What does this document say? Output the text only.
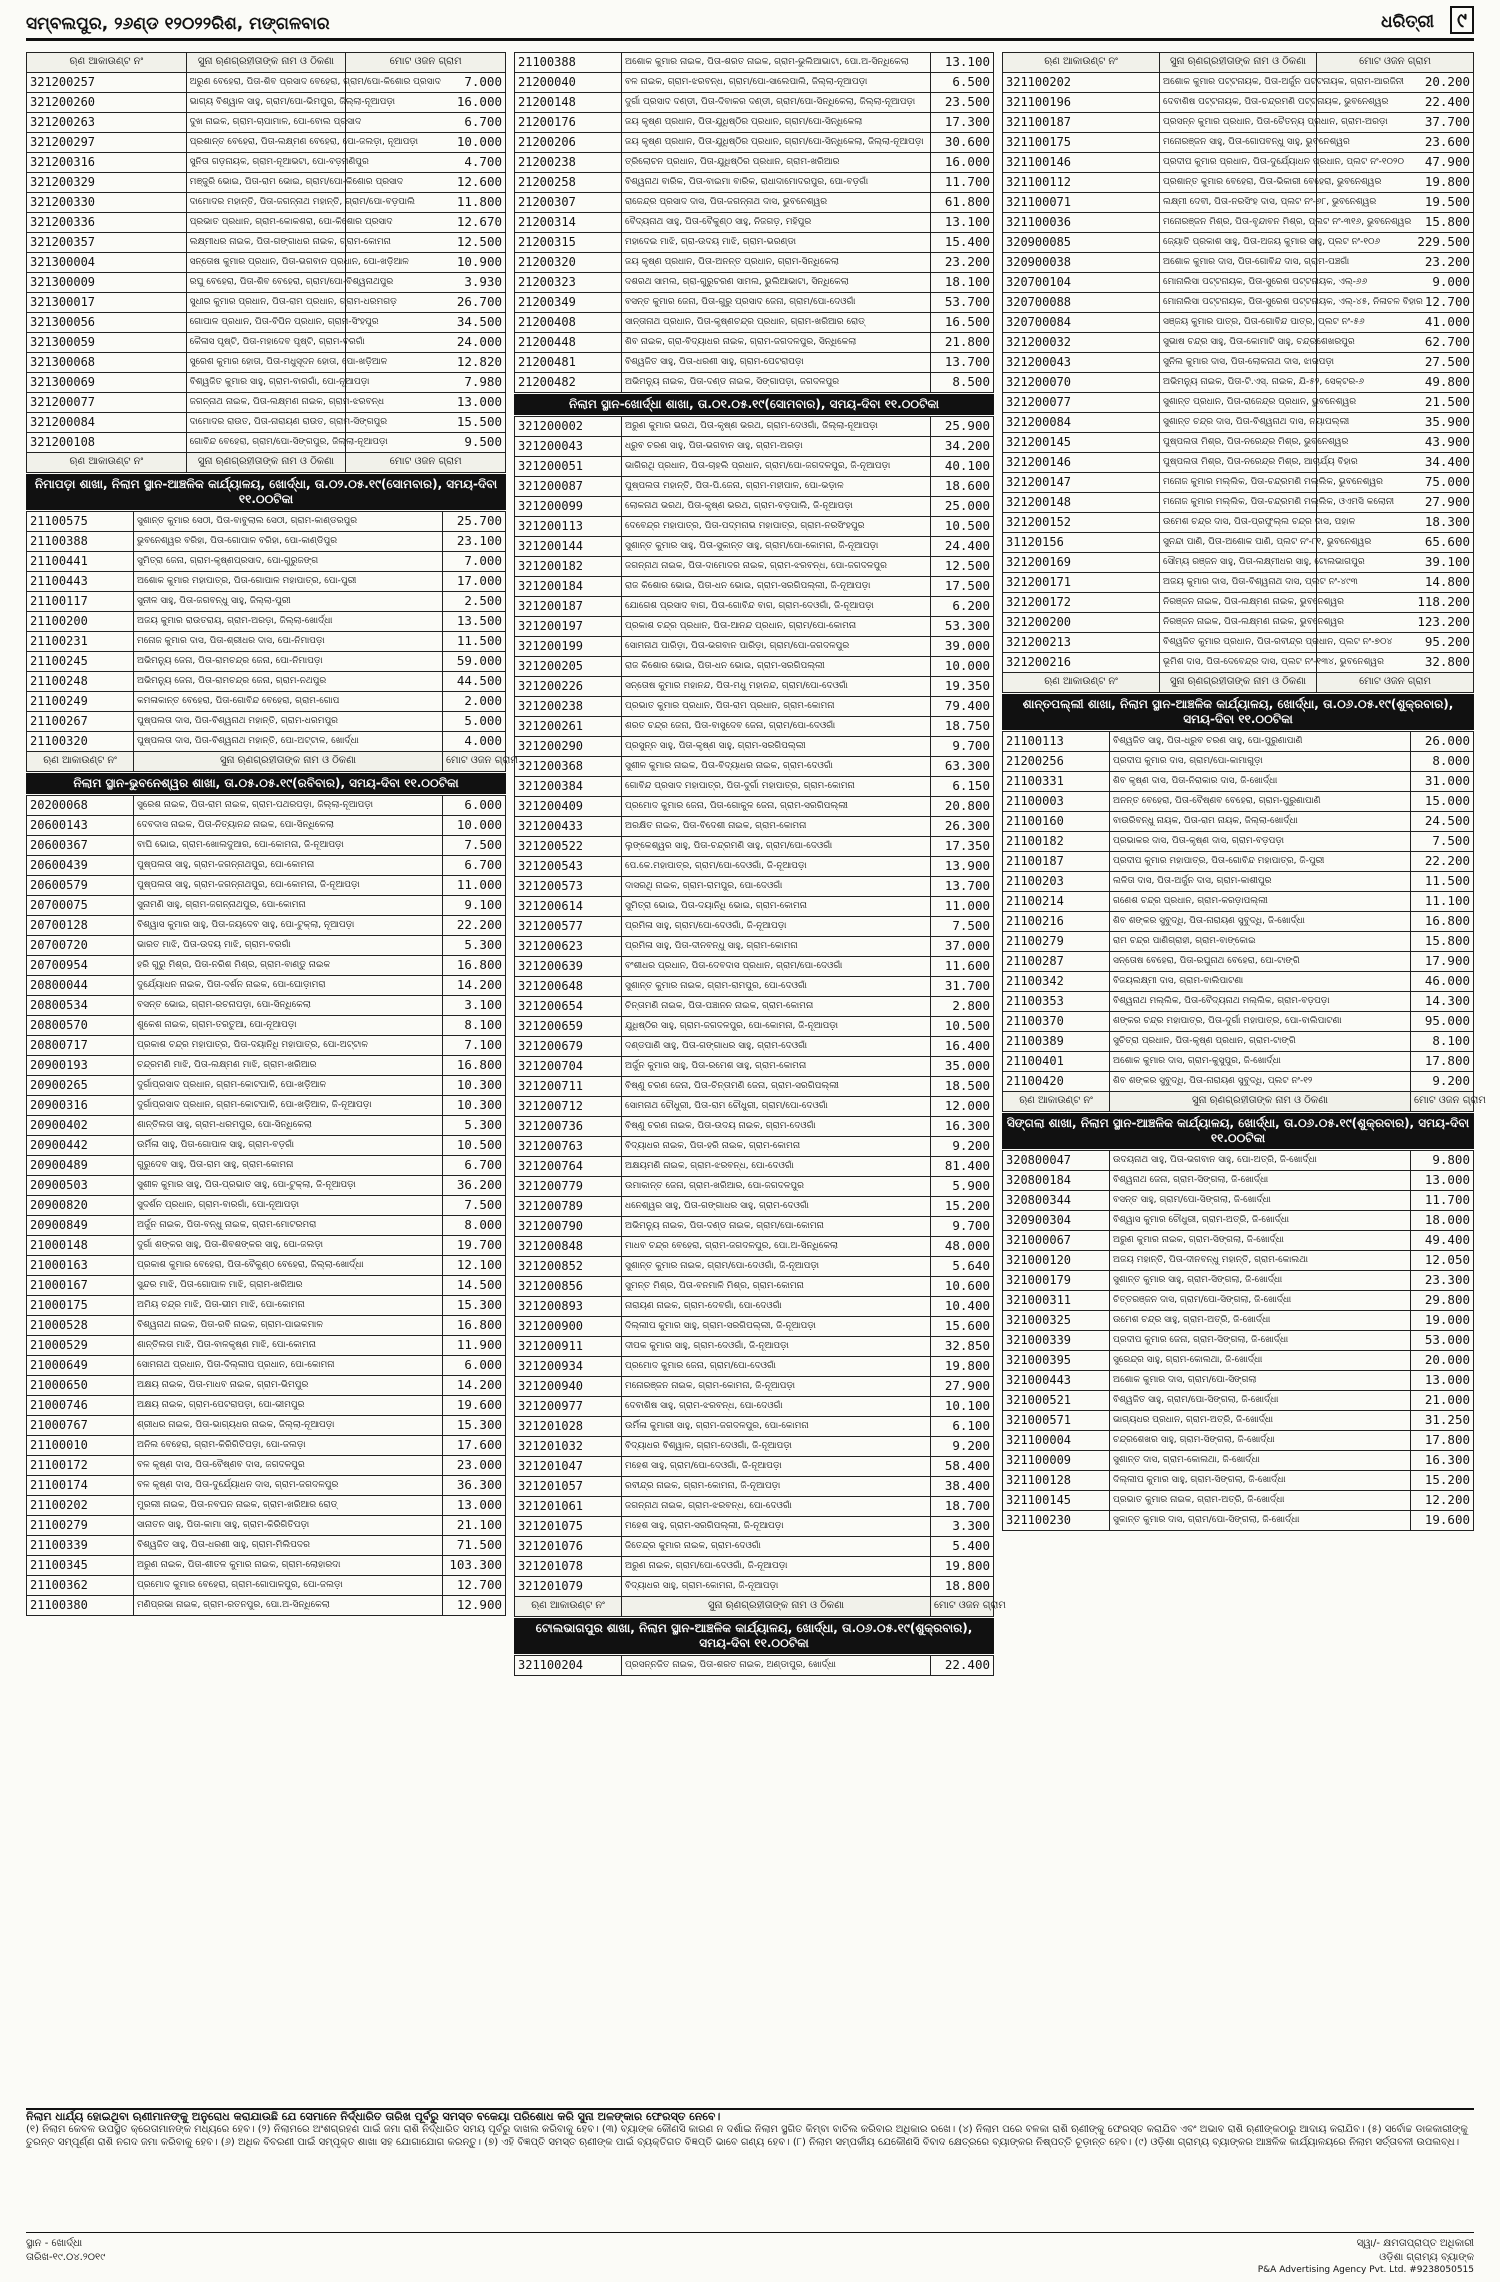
ସମ୍ବଲପୁର, ୨୬ଣ୍ଡ ୧୨୦୨୨ରିଶ, ମଙ୍ଗଳବାର	ଧରିତ୍ରୀ ୯
ଋଣ ଆକାଉଣ୍ଟ ନଂ	ସୁନା ଋଣଗ୍ରହୀତାଙ୍କ ନାମ ଓ ଠିକଣା	ମୋଟ ଓଜନ ଗ୍ରାମ
321200257	ଅରୁଣ ବେହେରା, ପିତା-ଶିବ ପ୍ରସାଦ ବେହେରା, ଗ୍ରାମ/ପୋ-କିଶୋର ପ୍ରସାଦ	7.000
321200260	ଭାଗ୍ୟ ବିଶ୍ୱାଳ ସାହୁ, ଗ୍ରାମ/ପୋ-ଭିମପୁର, ଜିଲ୍ଲା-ନୂଆପଡ଼ା	16.000
321200263	ଦୁଖ ନାଇକ, ଗ୍ରାମ-ଚାପାମାଳ, ପୋ-ବୋଲ ପ୍ରସାଦ	6.700
321200297	ପ୍ରଶାନ୍ତ ବେହେରା, ପିତା-ଲକ୍ଷ୍ମଣ ବେହେରା, ପୋ-ଜଲଡ଼ା, ନୂଆପଡ଼ା	10.000
321200316	ସୁନିତା ଗଡ଼ନାୟକ, ଗ୍ରାମ-ନୂଆଭଟା, ପୋ-ବଡ଼ମଣିପୁର	4.700
321200329	ମଞ୍ଜୁରି ଭୋଇ, ପିତା-ରାମ ଭୋଇ, ଗ୍ରାମ/ପୋ-କିଶୋର ପ୍ରସାଦ	12.600
321200330	ଦାମୋଦର ମହାନ୍ତି, ପିତା-ଜଗନ୍ନାଥ ମହାନ୍ତି, ଗ୍ରାମ/ପୋ-ବଡ଼ପାଲି	11.800
321200336	ପ୍ରଭାତ ପ୍ରଧାନ, ଗ୍ରାମ-କୋକଶରା, ପୋ-କିଶୋର ପ୍ରସାଦ	12.670
321200357	ଲକ୍ଷ୍ମୀଧର ନାଇକ, ପିତା-ଗଙ୍ଗାଧର ନାଇକ, ଗ୍ରାମ-କୋମନା	12.500
321300004	ସନ୍ତୋଷ କୁମାର ପ୍ରଧାନ, ପିତା-ଭଗବାନ ପ୍ରଧାନ, ପୋ-ଖଡ଼ିଆଳ	10.900
321300009	ରଘୁ ବେହେରା, ପିତା-ଶିବ ବେହେରା, ଗ୍ରାମ/ପୋ-ବିଶ୍ୱନାଥପୁର	3.930
321300017	ସୁଧୀର କୁମାର ପ୍ରଧାନ, ପିତା-ରାମ ପ୍ରଧାନ, ଗ୍ରାମ-ଧରମଗଡ଼	26.700
321300056	ଗୋପାଳ ପ୍ରଧାନ, ପିତା-ବିପିନ ପ୍ରଧାନ, ଗ୍ରାମ-ସିଂହପୁର	34.500
321300059	କୈଳାସ ପୃଷ୍ଟି, ପିତା-ମହାଦେବ ପୃଷ୍ଟି, ଗ୍ରାମ-ବରଗାଁ	24.000
321300068	ସୁରେଶ କୁମାର ହୋତା, ପିତା-ମଧୁସୂଦନ ହୋତା, ପୋ-ଖଡ଼ିଆଳ	12.820
321300069	ବିଶ୍ୱଜିତ କୁମାର ସାହୁ, ଗ୍ରାମ-ବାରଗାଁ, ପୋ-ନୂଆପଡ଼ା	7.980
321200077	ଜଗନ୍ନାଥ ନାଇକ, ପିତା-ଲକ୍ଷ୍ମଣ ନାଇକ, ଗ୍ରାମ-ଝରବନ୍ଧ	13.000
321200084	ଦାମୋଦର ରାଉତ, ପିତା-ନାରାୟଣ ରାଉତ, ଗ୍ରାମ-ସିଙ୍ଗପୁର	15.500
321200108	ଗୋବିନ୍ଦ ବେହେରା, ଗ୍ରାମ/ପୋ-ସିଙ୍ଗପୁର, ଜିଲ୍ଲା-ନୂଆପଡ଼ା	9.500
ଋଣ ଆକାଉଣ୍ଟ ନଂ	ସୁନା ଋଣଗ୍ରହୀତାଙ୍କ ନାମ ଓ ଠିକଣା	ମୋଟ ଓଜନ ଗ୍ରାମ
ନିମାପଡ଼ା ଶାଖା, ନିଲାମ ସ୍ଥାନ-ଆଞ୍ଚଳିକ କାର୍ଯ୍ୟାଳୟ, ଖୋର୍ଦ୍ଧା, ତା.୦୨.୦୫.୧୯(ସୋମବାର), ସମୟ-ଦିବା ୧୧.୦୦ଟିକା
21100575	ସୁଶାନ୍ତ କୁମାର ସେଠୀ, ପିତା-ବାବୁଲାଲ ସେଠୀ, ଗ୍ରାମ-କାଣ୍ଡରପୁର	25.700
21100388	ଭୁବନେଶ୍ୱର ବରିହା, ପିତା-ଗୋପାଳ ବରିହା, ପୋ-କାଣ୍ଡିପୁର	23.100
21100441	ସୁମିତ୍ରା ଜେନା, ଗ୍ରାମ-କୃଷ୍ଣପ୍ରସାଦ, ପୋ-ଗୁରୁଜଙ୍ଗ	7.000
21100443	ଅଶୋକ କୁମାର ମହାପାତ୍ର, ପିତା-ଗୋପାଳ ମହାପାତ୍ର, ପୋ-ପୁରୀ	17.000
21100117	ସୁନୀଳ ସାହୁ, ପିତା-ଜଗବନ୍ଧୁ ସାହୁ, ଜିଲ୍ଲା-ପୁରୀ	2.500
21100200	ଅଜୟ କୁମାର ରାଉତରାୟ, ଗ୍ରାମ-ଅରଡ଼ା, ଜିଲ୍ଲା-ଖୋର୍ଦ୍ଧା	13.500
21100231	ମନୋଜ କୁମାର ଦାସ, ପିତା-ଶ୍ରୀଧର ଦାସ, ପୋ-ନିମାପଡ଼ା	11.500
21100245	ଅଭିମନ୍ୟୁ ଜେନା, ପିତା-ରାମଚନ୍ଦ୍ର ଜେନା, ପୋ-ନିମାପଡ଼ା	59.000
21100248	ଅଭିମନ୍ୟୁ ଜେନା, ପିତା-ରାମଚନ୍ଦ୍ର ଜେନା, ଗ୍ରାମ-ନଥପୁର	44.500
21100249	କମଳାକାନ୍ତ ବେହେରା, ପିତା-ଗୋବିନ୍ଦ ବେହେରା, ଗ୍ରାମ-ଗୋପ	2.000
21100267	ପୁଷ୍ପଲତା ଦାସ, ପିତା-ବିଶ୍ୱନାଥ ମହାନ୍ତି, ଗ୍ରାମ-ଧରମପୁର	5.000
21100320	ପୁଷ୍ପଲତା ଦାସ, ପିତା-ବିଶ୍ୱନାଥ ମହାନ୍ତି, ପୋ-ଅଟ୍ଟାଳ, ଖୋର୍ଦ୍ଧା	4.000
ଋଣ ଆକାଉଣ୍ଟ ନଂ	ସୁନା ଋଣଗ୍ରହୀତାଙ୍କ ନାମ ଓ ଠିକଣା	ମୋଟ ଓଜନ ଗ୍ରାମ
ନିଲାମ ସ୍ଥାନ-ଭୁବନେଶ୍ୱର ଶାଖା, ତା.୦୫.୦୫.୧୯(ରବିବାର), ସମୟ-ଦିବା ୧୧.୦୦ଟିକା
20200068	ସୁରେଶ ନାଇକ, ପିତା-ରାମ ନାଇକ, ଗ୍ରାମ-ପଥରପଡ଼ା, ଜିଲ୍ଲା-ନୂଆପଡ଼ା	6.000
20600143	ଦେବଦାସ ନାଇକ, ପିତା-ନିତ୍ୟାନନ୍ଦ ନାଇକ, ପୋ-ସିନ୍ଧିକେଲା	10.000
20600367	ବାଘି ଭୋଇ, ଗ୍ରାମ-ଖୋଲଦୁଆର, ପୋ-କୋମନା, ଜି-ନୂଆପଡ଼ା	7.500
20600439	ପୁଷ୍ପଲତା ସାହୁ, ଗ୍ରାମ-ଜଗନ୍ନାଥପୁର, ପୋ-କୋମନା	6.700
20600579	ପୁଷ୍ପଲତା ସାହୁ, ଗ୍ରାମ-ଜଗନ୍ନାଥପୁର, ପୋ-କୋମନା, ଜି-ନୂଆପଡ଼ା	11.000
20700075	ସୁନାମଣି ସାହୁ, ଗ୍ରାମ-ଜଗନ୍ନାଥପୁର, ପୋ-କୋମନା	9.100
20700128	ବିଶ୍ୱାସ କୁମାର ସାହୁ, ପିତା-ଜୟଦେବ ସାହୁ, ପୋ-ଟୁକ୍ଲା, ନୂଆପଡ଼ା	22.200
20700720	ଭାରତ ମାଝି, ପିତା-ଉଦୟ ମାଝି, ଗ୍ରାମ-ବରଗାଁ	5.300
20700954	ହରି ଗୁରୁ ମିଶ୍ର, ପିତା-ନରିଶ ମିଶ୍ର, ଗ୍ରାମ-ବାଣ୍ଡୁ ନାଇକ	16.800
20800044	ଦୁର୍ଯ୍ୟୋଧନ ନାଇକ, ପିତା-ଦର୍ଶନ ନାଇକ, ପୋ-ଘୋଡ଼ାମରା	14.200
20800534	ବସନ୍ତ ଭୋଇ, ଗ୍ରାମ-ରଚନାପଡ଼ା, ପୋ-ସିନ୍ଧିକେଲା	3.100
20800570	ଶୁକେଶ ନାଇକ, ଗ୍ରାମ-ତରତୁଆ, ପୋ-ନୂଆପଡ଼ା	8.100
20800717	ପ୍ରକାଶ ଚନ୍ଦ୍ର ମହାପାତ୍ର, ପିତା-ଦୟାନିଧି ମହାପାତ୍ର, ପୋ-ଅଟ୍ଟାଳ	7.100
20900193	ଚନ୍ଦ୍ରମଣି ମାଝି, ପିତା-ଲକ୍ଷ୍ମଣ ମାଝି, ଗ୍ରାମ-ଖରିଆର	16.800
20900265	ଦୁର୍ଗାପ୍ରସାଦ ପ୍ରଧାନ, ଗ୍ରାମ-କୋଟପାଳି, ପୋ-ଖଡ଼ିଆଳ	10.300
20900316	ଦୁର୍ଗାପ୍ରସାଦ ପ୍ରଧାନ, ଗ୍ରାମ-କୋଟପାଳି, ପୋ-ଖଡ଼ିଆଳ, ଜି-ନୂଆପଡ଼ା	10.300
20900402	ଶାନ୍ତିଲତା ସାହୁ, ଗ୍ରାମ-ଧରମପୁର, ପୋ-ସିନ୍ଧିକେଲା	5.300
20900442	ଉର୍ମିଳା ସାହୁ, ପିତା-ଗୋପାଳ ସାହୁ, ଗ୍ରାମ-ବଡ଼ଗାଁ	10.500
20900489	ଗୁରୁଦେବ ସାହୁ, ପିତା-ରାମ ସାହୁ, ଗ୍ରାମ-କୋମନା	6.700
20900503	ସୁଶୀଳ କୁମାର ସାହୁ, ପିତା-ପ୍ରଭାତ ସାହୁ, ପୋ-ଟୁକ୍ଲା, ଜି-ନୂଆପଡ଼ା	36.200
20900820	ସୁଦର୍ଶନ ପ୍ରଧାନ, ଗ୍ରାମ-ବାରଗାଁ, ପୋ-ନୂଆପଡ଼ା	7.500
20900849	ଅର୍ଜୁନ ନାଇକ, ପିତା-ବନ୍ଧୁ ନାଇକ, ଗ୍ରାମ-ମୋଟରମରା	8.000
21000148	ଦୁର୍ଗା ଶଙ୍କର ସାହୁ, ପିତା-ଶିବଶଙ୍କର ସାହୁ, ପୋ-ଜଲଡ଼ା	19.700
21000163	ପ୍ରକାଶ କୁମାର ବେହେରା, ପିତା-ବୈକୁଣ୍ଠ ବେହେରା, ଜିଲ୍ଲା-ଖୋର୍ଦ୍ଧା	12.100
21000167	ସୁନ୍ଦର ମାଝି, ପିତା-ଗୋପାଳ ମାଝି, ଗ୍ରାମ-ଖରିଆର	14.500
21000175	ଅମିୟ ଚନ୍ଦ୍ର ମାଝି, ପିତା-ଭୀମ ମାଝି, ପୋ-କୋମନା	15.300
21000528	ବିଶ୍ୱନାଥ ନାଇକ, ପିତା-ରବି ନାଇକ, ଗ୍ରାମ-ପାଇକମାଳ	16.800
21000529	ଶାନ୍ତିଲତା ମାଝି, ପିତା-ବାଳକୃଷ୍ଣ ମାଝି, ପୋ-କୋମନା	11.900
21000649	ସୋମନାଥ ପ୍ରଧାନ, ପିତା-ଦିଲ୍ଲୀପ ପ୍ରଧାନ, ପୋ-କୋମନା	6.000
21000650	ଅକ୍ଷୟ ନାଇକ, ପିତା-ମାଧବ ନାଇକ, ଗ୍ରାମ-ଭିମପୁର	14.200
21000746	ଅକ୍ଷୟ ନାଇକ, ଗ୍ରାମ-ପେଟରାପଡ଼ା, ପୋ-ଭୀମପୁର	19.600
21000767	ଶ୍ରୀଧର ନାଇକ, ପିତା-ଭାଗ୍ୟଧର ନାଇକ, ଜିଲ୍ଲା-ନୂଆପଡ଼ା	15.300
21100010	ଅନିଲ ବେହେରା, ଗ୍ରାମ-କିରିଗିତିପଡ଼ା, ପୋ-ଜଲଡ଼ା	17.600
21100172	ବଳ କୃଷ୍ଣ ଦାସ, ପିତା-ବୈଷ୍ଣବ ଦାସ, ଜଗଦଳପୁର	23.000
21100174	ବଳ କୃଷ୍ଣ ଦାସ, ପିତା-ଦୁର୍ଯ୍ୟୋଧନ ଦାସ, ଗ୍ରାମ-ଜଗଦଳପୁର	36.300
21100202	ମୁରଲୀ ନାଇକ, ପିତା-ନବଘନ ନାଇକ, ଗ୍ରାମ-ଖରିଆର ରୋଡ୍	13.000
21100279	ସାନାତନ ସାହୁ, ପିତା-କାମା ସାହୁ, ଗ୍ରାମ-କିରିଗିତିପଡ଼ା	21.100
21100339	ବିଶ୍ୱଜିତ ସାହୁ, ପିତା-ଧରଣୀ ସାହୁ, ଗ୍ରାମ-ମିଲିପଦର	71.500
21100345	ଅରୁଣ ନାଇକ, ପିତା-ଶୀତଳ କୁମାର ନାଇକ, ଗ୍ରାମ-ଲୋହାରଦା	103.300
21100362	ପ୍ରମୋଦ କୁମାର ବେହେରା, ଗ୍ରାମ-ଗୋପାଳପୁର, ପୋ-ଜଲଡ଼ା	12.700
21100380	ମଣିପ୍ରଭା ନାଇକ, ଗ୍ରାମ-ରତନପୁର, ପୋ.ଅ-ସିନ୍ଧିକେଲା	12.900
21100388	ଅଶୋକ କୁମାର ନାଇକ, ପିତା-ଶରତ ନାଇକ, ଗ୍ରାମ-ଭୁଲିଆଭାଟା, ପୋ.ଅ-ସିନ୍ଧିକେଲା	13.100
21200040	ବଳ ନାଇକ, ଗ୍ରାମ-ଝରବନ୍ଧ, ଗ୍ରାମ/ପୋ-ସାଲେପାଲି, ଜିଲ୍ଲା-ନୂଆପଡ଼ା	6.500
21200148	ଦୁର୍ଗା ପ୍ରସାଦ ଦଣ୍ଡୀ, ପିତା-ଦିବାକର ଦଣ୍ଡୀ, ଗ୍ରାମ/ପୋ-ସିନ୍ଧିକେଲା, ଜିଲ୍ଲା-ନୂଆପଡ଼ା	23.500
21200176	ଜୟ କୃଷ୍ଣ ପ୍ରଧାନ, ପିତା-ଯୁଧିଷ୍ଠିର ପ୍ରଧାନ, ଗ୍ରାମ/ପୋ-ସିନ୍ଧିକେଲା	17.300
21200206	ଜୟ କୃଷ୍ଣ ପ୍ରଧାନ, ପିତା-ଯୁଧିଷ୍ଠିର ପ୍ରଧାନ, ଗ୍ରାମ/ପୋ-ସିନ୍ଧିକେଲା, ଜିଲ୍ଲା-ନୂଆପଡ଼ା	30.600
21200238	ତ୍ରିଲୋଚନ ପ୍ରଧାନ, ପିତା-ଯୁଧିଷ୍ଠିର ପ୍ରଧାନ, ଗ୍ରାମ-ଖରିଆର	16.000
21200258	ବିଶ୍ୱନାଥ ବାରିକ, ପିତା-ବାଇମା ବାରିକ, ରାଧାଦାମୋଦରପୁର, ପୋ-ବଡ଼ଗାଁ	11.700
21200307	ରାଜେନ୍ଦ୍ର ପ୍ରସାଦ ଦାସ, ପିତା-ଜଗନ୍ନାଥ ଦାସ, ଭୁବନେଶ୍ୱର	61.800
21200314	ବୈଦ୍ୟନାଥ ସାହୁ, ପିତା-ବୈକୁଣ୍ଠ ସାହୁ, ନିଜଗଡ଼, ମହିପୁର	13.100
21200315	ମହାଦେଇ ମାଝି, ଗ୍ରା-ଉଦୟ ମାଝି, ଗ୍ରାମ-ଭରଣ୍ଡା	15.400
21200320	ଜୟ କୃଷ୍ଣ ପ୍ରଧାନ, ପିତା-ଅନନ୍ତ ପ୍ରଧାନ, ଗ୍ରାମ-ସିନ୍ଧିକେଲା	23.200
21200323	ଦଶରଥ ସାମଲ, ଗ୍ରା-ଗୁରୁଚରଣ ସାମଲ, ଭୁଲିଆଭାଟା, ସିନ୍ଧିକେଲା	18.100
21200349	ବସନ୍ତ କୁମାର ଜେନା, ପିତା-ଗୁରୁ ପ୍ରସାଦ ଜେନା, ଗ୍ରାମ/ପୋ-ଦେଓଗାଁ	53.700
21200408	ସାନ୍ତାନାଥ ପ୍ରଧାନ, ପିତା-କୃଷ୍ଣଚନ୍ଦ୍ର ପ୍ରଧାନ, ଗ୍ରାମ-ଖରିଆର ରୋଡ୍	16.500
21200448	ଶିବ ନାଇକ, ଗ୍ରା-ବିଦ୍ୟାଧର ନାଇକ, ଗ୍ରାମ-ଜଗଦଳପୁର, ସିନ୍ଧିକେଲା	21.800
21200481	ବିଶ୍ୱଜିତ ସାହୁ, ପିତା-ଧରଣୀ ସାହୁ, ଗ୍ରାମ-ପେଟରାପଡ଼ା	13.700
21200482	ଅଭିମନ୍ୟୁ ନାଇକ, ପିତା-ଦଣ୍ଡ ନାଇକ, ସିଙ୍ଗାପଡ଼ା, ଜଗଦଳପୁର	8.500
ନିଲାମ ସ୍ଥାନ-ଖୋର୍ଦ୍ଧା ଶାଖା, ତା.୦୧.୦୫.୧୯(ସୋମବାର), ସମୟ-ଦିବା ୧୧.୦୦ଟିକା
321200002	ଅରୁଣ କୁମାର ଭରଥ, ପିତା-କୃଷ୍ଣ ଭରଥ, ଗ୍ରାମ-ଦେଓଗାଁ, ଜିଲ୍ଲା-ନୂଆପଡ଼ା	25.900
321200043	ଧ୍ରୁବ ଚରଣ ସାହୁ, ପିତା-ଭଗବାନ ସାହୁ, ଗ୍ରାମ-ଅରଡ଼ା	34.200
321200051	ଭାଗିରଥି ପ୍ରଧାନ, ପିତା-ଚାହଲି ପ୍ରଧାନ, ଗ୍ରାମ/ପୋ-ଜଗଦଳପୁର, ଜି-ନୂଆପଡ଼ା	40.100
321200087	ପୁଷ୍ପଲତା ମହାନ୍ତି, ପିତା-ପି.ଜେନା, ଗ୍ରାମ-ମହୀପାଳ, ପୋ-ଭଡ଼ାଳ	18.600
321200099	ଲୋକନାଥ ଭରଥ, ପିତା-କୃଷ୍ଣ ଭରଥ, ଗ୍ରାମ-ବଡ଼ପାଲି, ଜି-ନୂଆପଡ଼ା	25.000
321200113	ଦେବେନ୍ଦ୍ର ମହାପାତ୍ର, ପିତା-ପଦ୍ମନାଭ ମହାପାତ୍ର, ଗ୍ରାମ-ନରସିଂହପୁର	10.500
321200144	ସୁଶାନ୍ତ କୁମାର ସାହୁ, ପିତା-ସୁକାନ୍ତ ସାହୁ, ଗ୍ରାମ/ପୋ-କୋମନା, ଜି-ନୂଆପଡ଼ା	24.400
321200182	ଜଗନ୍ନାଥ ନାଇକ, ପିତା-ଦାମୋଦର ନାଇକ, ଗ୍ରାମ-ଝରବନ୍ଧ, ପୋ-ଜଗଦଳପୁର	12.500
321200184	ରାଜ କିଶୋର ଭୋଇ, ପିତା-ଧନ ଭୋଇ, ଗ୍ରାମ-ସରଗିପଲ୍ଲୀ, ଜି-ନୂଆପଡ଼ା	17.500
321200187	ଯୋଗେଶ ପ୍ରସାଦ ବାଗ, ପିତା-ଗୋବିନ୍ଦ ବାଗ, ଗ୍ରାମ-ଦେଓଗାଁ, ଜି-ନୂଆପଡ଼ା	6.200
321200197	ପ୍ରକାଶ ଚନ୍ଦ୍ର ପ୍ରଧାନ, ପିତା-ଆନନ୍ଦ ପ୍ରଧାନ, ଗ୍ରାମ/ପୋ-କୋମନା	53.300
321200199	ସୋମନାଥ ପାରିଡ଼ା, ପିତା-ଭଗବାନ ପାରିଡ଼ା, ଗ୍ରାମ/ପୋ-ଜଗଦଳପୁର	39.000
321200205	ରାଜ କିଶୋର ଭୋଇ, ପିତା-ଧନ ଭୋଇ, ଗ୍ରାମ-ସରଗିପଲ୍ଲୀ	10.000
321200226	ସନ୍ତୋଷ କୁମାର ମହାନନ୍ଦ, ପିତା-ମଧୁ ମହାନନ୍ଦ, ଗ୍ରାମ/ପୋ-ଦେଓଗାଁ	19.350
321200238	ପ୍ରଭାତ କୁମାର ପ୍ରଧାନ, ପିତା-ରାମ ପ୍ରଧାନ, ଗ୍ରାମ-କୋମନା	79.400
321200261	ଶରତ ଚନ୍ଦ୍ର ଜେନା, ପିତା-ବାସୁଦେବ ଜେନା, ଗ୍ରାମ/ପୋ-ଦେଓଗାଁ	18.750
321200290	ପ୍ରସୁନ୍ନ ସାହୁ, ପିତା-କୃଷ୍ଣ ସାହୁ, ଗ୍ରାମ-ସରଗିପଲ୍ଲୀ	9.700
321200368	ସୁଶୀଳ କୁମାର ନାଇକ, ପିତା-ବିଦ୍ୟାଧର ନାଇକ, ଗ୍ରାମ-ଦେଓଗାଁ	63.300
321200384	ଗୋବିନ୍ଦ ପ୍ରସାଦ ମହାପାତ୍ର, ପିତା-ଦୁର୍ଗା ମହାପାତ୍ର, ଗ୍ରାମ-କୋମନା	6.150
321200409	ପ୍ରମୋଦ କୁମାର ଜେନା, ପିତା-ଗୋକୁଳ ଜେନା, ଗ୍ରାମ-ସରଗିପଲ୍ଲୀ	20.800
321200433	ଅରକ୍ଷିତ ନାଇକ, ପିତା-ବିଦେଶୀ ନାଇକ, ଗ୍ରାମ-କୋମନା	26.300
321200522	ଲୁଙ୍କେଶ୍ୱର ସାହୁ, ପିତା-ଚନ୍ଦ୍ରମଣି ସାହୁ, ଗ୍ରାମ/ପୋ-ଦେଓଗାଁ	17.350
321200543	ପେ.କେ.ମହାପାତ୍ର, ଗ୍ରାମ/ପୋ-ଦେଓଗାଁ, ଜି-ନୂଆପଡ଼ା	13.900
321200573	ଦାସରଥି ନାଇକ, ଗ୍ରାମ-ରାମପୁର, ପୋ-ଦେଓଗାଁ	13.700
321200614	ସୁମିତ୍ରା ଭୋଇ, ପିତା-ଦୟାନିଧି ଭୋଇ, ଗ୍ରାମ-କୋମନା	11.000
321200577	ପ୍ରମିଳା ସାହୁ, ଗ୍ରାମ/ପୋ-ଦେଓଗାଁ, ଜି-ନୂଆପଡ଼ା	7.500
321200623	ପ୍ରମିଳା ସାହୁ, ପିତା-ଦୀନବନ୍ଧୁ ସାହୁ, ଗ୍ରାମ-କୋମନା	37.000
321200639	ବଂଶୀଧର ପ୍ରଧାନ, ପିତା-ଦେବଦାସ ପ୍ରଧାନ, ଗ୍ରାମ/ପୋ-ଦେଓଗାଁ	11.600
321200648	ସୁଶାନ୍ତ କୁମାର ନାଇକ, ଗ୍ରାମ-ରାମପୁର, ପୋ-ଦେଓଗାଁ	31.700
321200654	ଚିନ୍ତାମଣି ନାଇକ, ପିତା-ପଞ୍ଚାନନ ନାଇକ, ଗ୍ରାମ-କୋମନା	2.800
321200659	ଯୁଧିଷ୍ଠିର ସାହୁ, ଗ୍ରାମ-ଜଗଦଳପୁର, ପୋ-କୋମନା, ଜି-ନୂଆପଡ଼ା	10.500
321200679	ଦଣ୍ଡପାଣି ସାହୁ, ପିତା-ଗଙ୍ଗାଧର ସାହୁ, ଗ୍ରାମ-ଦେଓଗାଁ	16.400
321200704	ଅର୍ଜୁନ କୁମାର ସାହୁ, ପିତା-ରମେଶ ସାହୁ, ଗ୍ରାମ-କୋମନା	35.000
321200711	ବିଷ୍ଣୁ ଚରଣ ଜେନା, ପିତା-ଚିନ୍ତାମଣି ଜେନା, ଗ୍ରାମ-ସରଗିପଲ୍ଲୀ	18.500
321200712	ସୋମନାଥ ଚୌଧୁରୀ, ପିତା-ରାମ ଚୌଧୁରୀ, ଗ୍ରାମ/ପୋ-ଦେଓଗାଁ	12.000
321200736	ବିଷ୍ଣୁ ଚରଣ ନାଇକ, ପିତା-ଉଦୟ ନାଇକ, ଗ୍ରାମ-ଦେଓଗାଁ	16.300
321200763	ବିଦ୍ୟାଧର ନାଇକ, ପିତା-ହରି ନାଇକ, ଗ୍ରାମ-କୋମନା	9.200
321200764	ଅକ୍ଷୟମଣି ନାଇକ, ଗ୍ରାମ-ଝରବନ୍ଧ, ପୋ-ଦେଓଗାଁ	81.400
321200779	ଉମାକାନ୍ତ ଜେନା, ଗ୍ରାମ-ଖରିଆର, ପୋ-ଜଗଦଳପୁର	5.900
321200789	ଧନେଶ୍ୱର ସାହୁ, ପିତା-ଗଙ୍ଗାଧର ସାହୁ, ଗ୍ରାମ-ଦେଓଗାଁ	15.200
321200790	ଅଭିମନ୍ୟୁ ନାଇକ, ପିତା-ଦଣ୍ଡ ନାଇକ, ଗ୍ରାମ/ପୋ-କୋମନା	9.700
321200848	ମାଧବ ଚନ୍ଦ୍ର ବେହେରା, ଗ୍ରାମ-ଜଗଦଳପୁର, ପୋ.ଅ-ସିନ୍ଧିକେଲା	48.000
321200852	ସୁଶାନ୍ତ କୁମାର ନାଇକ, ଗ୍ରାମ/ପୋ-ଦେଓଗାଁ, ଜି-ନୂଆପଡ଼ା	5.640
321200856	ସୁମନ୍ତ ମିଶ୍ର, ପିତା-ବନମାଳି ମିଶ୍ର, ଗ୍ରାମ-କୋମନା	10.600
321200893	ନାରାୟଣ ନାଇକ, ଗ୍ରାମ-ଦେବଗାଁ, ପୋ-ଦେଓଗାଁ	10.400
321200900	ଦିଲ୍ଲୀପ କୁମାର ସାହୁ, ଗ୍ରାମ-ସରଗିପଲ୍ଲୀ, ଜି-ନୂଆପଡ଼ା	15.600
321200911	ଦୀପକ କୁମାର ସାହୁ, ଗ୍ରାମ-ଦେଓଗାଁ, ଜି-ନୂଆପଡ଼ା	32.850
321200934	ପ୍ରମୋଦ କୁମାର ଜେନା, ଗ୍ରାମ/ପୋ-ଦେଓଗାଁ	19.800
321200940	ମନୋରଞ୍ଜନ ନାଇକ, ଗ୍ରାମ-କୋମନା, ଜି-ନୂଆପଡ଼ା	27.900
321200977	ଦେବାଶିଷ ସାହୁ, ଗ୍ରାମ-ଝରବନ୍ଧ, ପୋ-ଦେଓଗାଁ	10.100
321201028	ଉର୍ମିଳା କୁମାରୀ ସାହୁ, ଗ୍ରାମ-ଜଗଦଳପୁର, ପୋ-କୋମନା	6.100
321201032	ବିଦ୍ୟାଧର ବିଶ୍ୱାଳ, ଗ୍ରାମ-ଦେଓଗାଁ, ଜି-ନୂଆପଡ଼ା	9.200
321201047	ମହେଶ ସାହୁ, ଗ୍ରାମ/ପୋ-ଦେଓଗାଁ, ଜି-ନୂଆପଡ଼ା	58.400
321201057	ରବୀନ୍ଦ୍ର ନାଇକ, ଗ୍ରାମ-କୋମନା, ଜି-ନୂଆପଡ଼ା	38.400
321201061	ଜଗନ୍ନାଥ ନାଇକ, ଗ୍ରାମ-ଝରବନ୍ଧ, ପୋ-ଦେଓଗାଁ	18.700
321201075	ମହେଶ ସାହୁ, ଗ୍ରାମ-ସରଗିପଲ୍ଲୀ, ଜି-ନୂଆପଡ଼ା	3.300
321201076	ଜିତେନ୍ଦ୍ର କୁମାର ନାଇକ, ଗ୍ରାମ-ଦେଓଗାଁ	5.400
321201078	ଅରୁଣ ନାଇକ, ଗ୍ରାମ/ପୋ-ଦେଓଗାଁ, ଜି-ନୂଆପଡ଼ା	19.800
321201079	ବିଦ୍ୟାଧର ସାହୁ, ଗ୍ରାମ-କୋମନା, ଜି-ନୂଆପଡ଼ା	18.800
ଋଣ ଆକାଉଣ୍ଟ ନଂ	ସୁନା ଋଣଗ୍ରହୀତାଙ୍କ ନାମ ଓ ଠିକଣା	ମୋଟ ଓଜନ ଗ୍ରାମ
ଟୋଲଭାଗପୁର ଶାଖା, ନିଲାମ ସ୍ଥାନ-ଆଞ୍ଚଳିକ କାର୍ଯ୍ୟାଳୟ, ଖୋର୍ଦ୍ଧା, ତା.୦୬.୦୫.୧୯(ଶୁକ୍ରବାର), ସମୟ-ଦିବା ୧୧.୦୦ଟିକା
321100204	ପ୍ରସନ୍ନଜିତ ନାଇକ, ପିତା-ଶରତ ନାଇକ, ଅଣ୍ଡାପୁର, ଖୋର୍ଦ୍ଧା	22.400
ଋଣ ଆକାଉଣ୍ଟ ନଂ	ସୁନା ଋଣଗ୍ରହୀତାଙ୍କ ନାମ ଓ ଠିକଣା	ମୋଟ ଓଜନ ଗ୍ରାମ
321100202	ଅଶୋକ କୁମାର ପଟ୍ଟନାୟକ, ପିତା-ଅର୍ଜୁନ ପଟ୍ଟନାୟକ, ଗ୍ରାମ-ଆରଜିନୀ	20.200
321100196	ଦେବାଶିଷ ପଟ୍ଟନାୟକ, ପିତା-ଚନ୍ଦ୍ରମଣି ପଟ୍ଟନାୟକ, ଭୁବନେଶ୍ୱର	22.400
321100187	ପ୍ରସନ୍ନ କୁମାର ପ୍ରଧାନ, ପିତା-ଚୈତନ୍ୟ ପ୍ରଧାନ, ଗ୍ରାମ-ଅରଡ଼ା	37.700
321100175	ମନୋରଞ୍ଜନ ସାହୁ, ପିତା-ଗୋପବନ୍ଧୁ ସାହୁ, ଭୁବନେଶ୍ୱର	23.600
321100146	ପ୍ରଦୀପ କୁମାର ପ୍ରଧାନ, ପିତା-ଦୁର୍ଯ୍ୟୋଧନ ପ୍ରଧାନ, ପ୍ଲଟ ନଂ-୧୦୨୦	47.900
321100112	ପ୍ରଶାନ୍ତ କୁମାର ବେହେରା, ପିତା-ଭିକାରୀ ବେହେରା, ଭୁବନେଶ୍ୱର	19.800
321100071	ଲକ୍ଷ୍ମୀ ଦେବୀ, ପିତା-ନରସିଂହ ଦାସ, ପ୍ଲଟ ନଂ-୬୮, ଭୁବନେଶ୍ୱର	19.500
321100036	ମନୋରଞ୍ଜନ ମିଶ୍ର, ପିତା-ବୃନ୍ଦାବନ ମିଶ୍ର, ପ୍ଲଟ ନଂ-୩୧୬, ଭୁବନେଶ୍ୱର	15.800
320900085	ଜ୍ୟୋତି ପ୍ରକାଶ ସାହୁ, ପିତା-ଅଜୟ କୁମାର ସାହୁ, ପ୍ଲଟ ନଂ-୧୦୬	229.500
320900038	ଅଶୋକ କୁମାର ଦାସ, ପିତା-ଗୋବିନ୍ଦ ଦାସ, ଗ୍ରାମ-ପଞ୍ଚଗାଁ	23.200
320700104	ମୋନାଲିସା ପଟ୍ଟନାୟକ, ପିତା-ସୁରେଶ ପଟ୍ଟନାୟକ, ଏଲ୍-୬୬	9.000
320700088	ମୋନାଲିସା ପଟ୍ଟନାୟକ, ପିତା-ସୁରେଶ ପଟ୍ଟନାୟକ, ଏଲ୍-୪୫, ନିଳାଚଳ ବିହାର	12.700
320700084	ସଞ୍ଜୟ କୁମାର ପାତ୍ର, ପିତା-ଗୋବିନ୍ଦ ପାତ୍ର, ପ୍ଲଟ ନଂ-୫୬	41.000
321200032	ସୁଭାଷ ଚନ୍ଦ୍ର ସାହୁ, ପିତା-କୋମାଟି ସାହୁ, ଚନ୍ଦ୍ରଶେଖରପୁର	62.700
321200043	ସୁନିଲ କୁମାର ଦାସ, ପିତା-ଲୋକନାଥ ଦାସ, ଝାରପଡ଼ା	27.500
321200070	ଅଭିମନ୍ୟୁ ନାଇକ, ପିତା-ଟି.ଏସ୍. ନାଇକ, ଯି-୫୨, ସେକ୍ଟର-୬	49.800
321200077	ସୁଶାନ୍ତ ପ୍ରଧାନ, ପିତା-ରାଜେନ୍ଦ୍ର ପ୍ରଧାନ, ଭୁବନେଶ୍ୱର	21.500
321200084	ସୁଶାନ୍ତ ଚନ୍ଦ୍ର ଦାସ, ପିତା-ବିଶ୍ୱନାଥ ଦାସ, ନୟାପଲ୍ଲୀ	35.900
321200145	ପୁଷ୍ପଲତା ମିଶ୍ର, ପିତା-ନରେନ୍ଦ୍ର ମିଶ୍ର, ଭୁବନେଶ୍ୱର	43.900
321200146	ପୁଷ୍ପଲତା ମିଶ୍ର, ପିତା-ନରେନ୍ଦ୍ର ମିଶ୍ର, ଆଚାର୍ଯ୍ୟ ବିହାର	34.400
321200147	ମନୋଜ କୁମାର ମଲ୍ଲିକ, ପିତା-ଚନ୍ଦ୍ରମଣି ମଲ୍ଲିକ, ଭୁବନେଶ୍ୱର	75.000
321200148	ମନୋଜ କୁମାର ମଲ୍ଲିକ, ପିତା-ଚନ୍ଦ୍ରମଣି ମଲ୍ଲିକ, ଓଏମସି କଲୋନୀ	27.900
321200152	ଉମେଶ ଚନ୍ଦ୍ର ଦାସ, ପିତା-ପ୍ରଫୁଲ୍ଲ ଚନ୍ଦ୍ର ଦାସ, ପହାଳ	18.300
31120156	ସୁନନ୍ଦା ପାଣି, ପିତା-ଅଶୋକ ପାଣି, ପ୍ଲଟ ନଂ-୮୧, ଭୁବନେଶ୍ୱର	65.600
321200169	ସୌମ୍ୟ ରଞ୍ଜନ ସାହୁ, ପିତା-ଲକ୍ଷ୍ମୀଧର ସାହୁ, ଟୋଲଭାଗପୁର	39.100
321200171	ଅଜୟ କୁମାର ଦାସ, ପିତା-ବିଶ୍ୱନାଥ ଦାସ, ପ୍ଲଟ ନଂ-୪୯୩	14.800
321200172	ନିରଞ୍ଜନ ନାଇକ, ପିତା-ଲକ୍ଷ୍ମଣ ନାଇକ, ଭୁବନେଶ୍ୱର	118.200
321200200	ନିରଞ୍ଜନ ନାଇକ, ପିତା-ଲକ୍ଷ୍ମଣ ନାଇକ, ଭୁବନେଶ୍ୱର	123.200
321200213	ବିଶ୍ୱଜିତ କୁମାର ପ୍ରଧାନ, ପିତା-ରବୀନ୍ଦ୍ର ପ୍ରଧାନ, ପ୍ଲଟ ନଂ-୭୦୪	95.200
321200216	ଭୂମିଶ ଦାସ, ପିତା-ଦେବେନ୍ଦ୍ର ଦାସ, ପ୍ଲଟ ନଂ-୧୩୪, ଭୁବନେଶ୍ୱର	32.800
ଋଣ ଆକାଉଣ୍ଟ ନଂ	ସୁନା ଋଣଗ୍ରହୀତାଙ୍କ ନାମ ଓ ଠିକଣା	ମୋଟ ଓଜନ ଗ୍ରାମ
ଶାନ୍ତପଲ୍ଲୀ ଶାଖା, ନିଲାମ ସ୍ଥାନ-ଆଞ୍ଚଳିକ କାର୍ଯ୍ୟାଳୟ, ଖୋର୍ଦ୍ଧା, ତା.୦୬.୦୫.୧୯(ଶୁକ୍ରବାର), ସମୟ-ଦିବା ୧୧.୦୦ଟିକା
21100113	ବିଶ୍ୱଜିତ ସାହୁ, ପିତା-ଧ୍ରୁବ ଚରଣ ସାହୁ, ପୋ-ପୁରୁଣାପାଣି	26.000
21200256	ପ୍ରଦୀପ କୁମାର ଦାସ, ଗ୍ରାମ/ପୋ-କାମାଗୁଡ଼ା	8.000
21100331	ଶିବ କୃଷ୍ଣ ଦାସ, ପିତା-ନିରାକାର ଦାସ, ଜି-ଖୋର୍ଦ୍ଧା	31.000
21100003	ଅନନ୍ତ ବେହେରା, ପିତା-ବୈଷ୍ଣବ ବେହେରା, ଗ୍ରାମ-ପୁରୁଣାପାଣି	15.000
21100160	ବାଉରିବନ୍ଧୁ ନାୟକ, ପିତା-ରାମ ନାୟକ, ଜିଲ୍ଲା-ଖୋର୍ଦ୍ଧା	24.500
21100182	ପ୍ରଭାକର ଦାସ, ପିତା-କୃଷ୍ଣ ଦାସ, ଗ୍ରାମ-ବଡ଼ପଡ଼ା	7.500
21100187	ପ୍ରଦୀପ କୁମାର ମହାପାତ୍ର, ପିତା-ଗୋବିନ୍ଦ ମହାପାତ୍ର, ଜି-ପୁରୀ	22.200
21100203	ଲଳିତା ଦାସ, ପିତା-ଅର୍ଜୁନ ଦାସ, ଗ୍ରାମ-କାଶୀପୁର	11.500
21100214	ଗଣେଶ ଚନ୍ଦ୍ର ପ୍ରଧାନ, ଗ୍ରାମ-କରଡ଼ାପଲ୍ଲୀ	11.100
21100216	ଶିବ ଶଙ୍କର ସୁବୁଦ୍ଧି, ପିତା-ନାରାୟଣ ସୁବୁଦ୍ଧି, ଜି-ଖୋର୍ଦ୍ଧା	16.800
21100279	ରାମ ଚନ୍ଦ୍ର ପାଣିଗ୍ରାହୀ, ଗ୍ରାମ-ବାଙ୍କୋଇ	15.800
21100287	ସନ୍ତୋଷ ବେହେରା, ପିତା-ରଘୁନାଥ ବେହେରା, ପୋ-ଟାଙ୍ଗି	17.900
21100342	ବିଜୟଲକ୍ଷ୍ମୀ ଦାସ, ଗ୍ରାମ-ବାଲିପାଟଣା	46.000
21100353	ବିଶ୍ୱନାଥ ମଲ୍ଲିକ, ପିତା-ବୈଦ୍ୟନାଥ ମଲ୍ଲିକ, ଗ୍ରାମ-ବଡ଼ପଡ଼ା	14.300
21100370	ଶଙ୍କର ଚନ୍ଦ୍ର ମହାପାତ୍ର, ପିତା-ଦୁର୍ଗା ମହାପାତ୍ର, ପୋ-ବାଲିପାଟଣା	95.000
21100389	ସୁଚିତ୍ରା ପ୍ରଧାନ, ପିତା-କୃଷ୍ଣ ପ୍ରଧାନ, ଗ୍ରାମ-ଟାଙ୍ଗି	8.100
21100401	ଅଶୋକ କୁମାର ଦାସ, ଗ୍ରାମ-କୁସୁପୁର, ଜି-ଖୋର୍ଦ୍ଧା	17.800
21100420	ଶିବ ଶଙ୍କର ସୁବୁଦ୍ଧି, ପିତା-ନାରାୟଣ ସୁବୁଦ୍ଧି, ପ୍ଲଟ ନଂ-୧୨	9.200
ଋଣ ଆକାଉଣ୍ଟ ନଂ	ସୁନା ଋଣଗ୍ରହୀତାଙ୍କ ନାମ ଓ ଠିକଣା	ମୋଟ ଓଜନ ଗ୍ରାମ
ସିଙ୍ଗଲା ଶାଖା, ନିଲାମ ସ୍ଥାନ-ଆଞ୍ଚଳିକ କାର୍ଯ୍ୟାଳୟ, ଖୋର୍ଦ୍ଧା, ତା.୦୬.୦୫.୧୯(ଶୁକ୍ରବାର), ସମୟ-ଦିବା ୧୧.୦୦ଟିକା
320800047	ଉଦୟନାଥ ସାହୁ, ପିତା-ଭଗବାନ ସାହୁ, ପୋ-ଅତ୍ରି, ଜି-ଖୋର୍ଦ୍ଧା	9.800
320800184	ବିଶ୍ୱନାଥ ଜେନା, ଗ୍ରାମ-ସିଙ୍ଗଲା, ଜି-ଖୋର୍ଦ୍ଧା	13.000
320800344	ବସନ୍ତ ସାହୁ, ଗ୍ରାମ/ପୋ-ସିଙ୍ଗଲା, ଜି-ଖୋର୍ଦ୍ଧା	11.700
320900304	ବିଶ୍ୱାସ କୁମାର ଚୌଧୁରୀ, ଗ୍ରାମ-ଅତ୍ରି, ଜି-ଖୋର୍ଦ୍ଧା	18.000
321000067	ଅରୁଣ କୁମାର ନାଇକ, ଗ୍ରାମ-ସିଙ୍ଗଲା, ଜି-ଖୋର୍ଦ୍ଧା	49.400
321000120	ଅଜୟ ମହାନ୍ତି, ପିତା-ଦୀନବନ୍ଧୁ ମହାନ୍ତି, ଗ୍ରାମ-କୋଲଥା	12.050
321000179	ସୁଶାନ୍ତ କୁମାର ସାହୁ, ଗ୍ରାମ-ସିଙ୍ଗଲା, ଜି-ଖୋର୍ଦ୍ଧା	23.300
321000311	ଚିତ୍ତରଞ୍ଜନ ଦାସ, ଗ୍ରାମ/ପୋ-ସିଙ୍ଗଲା, ଜି-ଖୋର୍ଦ୍ଧା	29.800
321000325	ଉମେଶ ଚନ୍ଦ୍ର ସାହୁ, ଗ୍ରାମ-ଅତ୍ରି, ଜି-ଖୋର୍ଦ୍ଧା	19.000
321000339	ପ୍ରଦୀପ କୁମାର ଜେନା, ଗ୍ରାମ-ସିଙ୍ଗଲା, ଜି-ଖୋର୍ଦ୍ଧା	53.000
321000395	ସୁରେନ୍ଦ୍ର ସାହୁ, ଗ୍ରାମ-କୋଲଥା, ଜି-ଖୋର୍ଦ୍ଧା	20.000
321000443	ଅଶୋକ କୁମାର ଦାସ, ଗ୍ରାମ/ପୋ-ସିଙ୍ଗଲା	13.000
321000521	ବିଶ୍ୱଜିତ ସାହୁ, ଗ୍ରାମ/ପୋ-ସିଙ୍ଗଲା, ଜି-ଖୋର୍ଦ୍ଧା	21.000
321000571	ଭାଗ୍ୟଧର ପ୍ରଧାନ, ଗ୍ରାମ-ଅତ୍ରି, ଜି-ଖୋର୍ଦ୍ଧା	31.250
321100004	ଚନ୍ଦ୍ରଶେଖର ସାହୁ, ଗ୍ରାମ-ସିଙ୍ଗଲା, ଜି-ଖୋର୍ଦ୍ଧା	17.800
321100009	ସୁଶାନ୍ତ ଦାସ, ଗ୍ରାମ-କୋଲଥା, ଜି-ଖୋର୍ଦ୍ଧା	16.300
321100128	ଦିଲ୍ଲୀପ କୁମାର ସାହୁ, ଗ୍ରାମ-ସିଙ୍ଗଲା, ଜି-ଖୋର୍ଦ୍ଧା	15.200
321100145	ପ୍ରଭାତ କୁମାର ନାଇକ, ଗ୍ରାମ-ଅତ୍ରି, ଜି-ଖୋର୍ଦ୍ଧା	12.200
321100230	ସୁକାନ୍ତ କୁମାର ଦାସ, ଗ୍ରାମ/ପୋ-ସିଙ୍ଗଲା, ଜି-ଖୋର୍ଦ୍ଧା	19.600
ନିଲାମ ଧାର୍ଯ୍ୟ ହୋଇଥିବା ଋଣୀମାନଙ୍କୁ ଅନୁରୋଧ କରାଯାଉଛି ଯେ ସେମାନେ ନିର୍ଦ୍ଧାରିତ ତାରିଖ ପୂର୍ବରୁ ସମସ୍ତ ବକେୟା ପରିଶୋଧ କରି ସୁନା ଅଳଙ୍କାର ଫେରସ୍ତ ନେବେ।
(୧) ନିଲାମ କେବଳ ଉପସ୍ଥିତ କ୍ରେତାମାନଙ୍କ ମଧ୍ୟରେ ହେବ। (୨) ନିଲାମରେ ଅଂଶଗ୍ରହଣ ପାଇଁ ଜମା ରାଶି ନିର୍ଦ୍ଧାରିତ ସମୟ ପୂର୍ବରୁ ଦାଖଲ କରିବାକୁ ହେବ। (୩) ବ୍ୟାଙ୍କ କୌଣସି କାରଣ ନ ଦର୍ଶାଇ ନିଲାମ ସ୍ଥଗିତ କିମ୍ବା ବାତିଲ କରିବାର ଅଧିକାର ରଖେ। (୪) ନିଲାମ ପରେ ବଳକା ରାଶି ଋଣୀଙ୍କୁ ଫେରସ୍ତ କରାଯିବ ଏବଂ ଅଭାବ ରାଶି ଋଣୀଙ୍କଠାରୁ ଆଦାୟ କରାଯିବ। (୫) ସର୍ବୋଚ୍ଚ ଡାକକାରୀଙ୍କୁ ତୁରନ୍ତ ସମ୍ପୂର୍ଣ୍ଣ ରାଶି ନଗଦ ଜମା କରିବାକୁ ହେବ। (୬) ଅଧିକ ବିବରଣୀ ପାଇଁ ସମ୍ପୃକ୍ତ ଶାଖା ସହ ଯୋଗାଯୋଗ କରନ୍ତୁ। (୭) ଏହି ବିଜ୍ଞପ୍ତି ସମସ୍ତ ଋଣୀଙ୍କ ପାଇଁ ବ୍ୟକ୍ତିଗତ ବିଜ୍ଞପ୍ତି ଭାବେ ଗଣ୍ୟ ହେବ। (୮) ନିଲାମ ସମ୍ପର୍କୀୟ ଯେକୌଣସି ବିବାଦ କ୍ଷେତ୍ରରେ ବ୍ୟାଙ୍କର ନିଷ୍ପତ୍ତି ଚୂଡ଼ାନ୍ତ ହେବ। (୯) ଓଡ଼ିଶା ଗ୍ରାମ୍ୟ ବ୍ୟାଙ୍କର ଆଞ୍ଚଳିକ କାର୍ଯ୍ୟାଳୟରେ ନିଲାମ ସର୍ତ୍ତାବଳୀ ଉପଲବ୍ଧ।
ସ୍ଥାନ - ଖୋର୍ଦ୍ଧା
ତାରିଖ-୧୯.୦୪.୨୦୧୯
ସ୍ୱା/- କ୍ଷମତାପ୍ରାପ୍ତ ଅଧିକାରୀ
ଓଡ଼ିଶା ଗ୍ରାମ୍ୟ ବ୍ୟାଙ୍କ
P&A Advertising Agency Pvt. Ltd. #9238050515
